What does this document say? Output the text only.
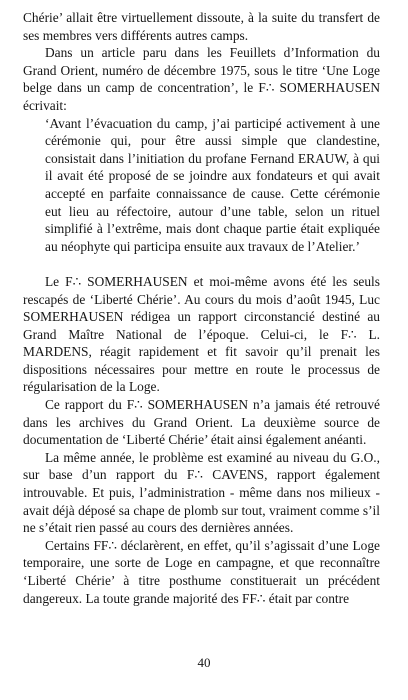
Chérie’ allait être virtuellement dissoute, à la suite du transfert de ses membres vers différents autres camps.

Dans un article paru dans les Feuillets d’Information du Grand Orient, numéro de décembre 1975, sous le titre ‘Une Loge belge dans un camp de concentration’, le F∴ SOMERHAUSEN écrivait:

‘Avant l’évacuation du camp, j’ai participé activement à une cérémonie qui, pour être aussi simple que clandestine, consistait dans l’initiation du profane Fernand ERAUW, à qui il avait été proposé de se joindre aux fondateurs et qui avait accepté en parfaite connaissance de cause. Cette cérémonie eut lieu au réfectoire, autour d’une table, selon un rituel simplifié à l’extrême, mais dont chaque partie était expliquée au néophyte qui participa ensuite aux travaux de l’Atelier.’

Le F∴ SOMERHAUSEN et moi-même avons été les seuls rescapés de ‘Liberté Chérie’. Au cours du mois d’août 1945, Luc SOMERHAUSEN rédigea un rapport circonstancié destiné au Grand Maître National de l’époque. Celui-ci, le F∴ L. MARDENS, réagit rapidement et fit savoir qu’il prenait les dispositions nécessaires pour mettre en route le processus de régularisation de la Loge.

Ce rapport du F∴ SOMERHAUSEN n’a jamais été retrouvé dans les archives du Grand Orient. La deuxième source de documentation de ‘Liberté Chérie’ était ainsi également anéanti.

La même année, le problème est examiné au niveau du G.O., sur base d’un rapport du F∴ CAVENS, rapport également introuvable. Et puis, l’administration - même dans nos milieux - avait déjà déposé sa chape de plomb sur tout, vraiment comme s’il ne s’était rien passé au cours des dernières années.

Certains FF∴ déclarèrent, en effet, qu’il s’agissait d’une Loge temporaire, une sorte de Loge en campagne, et que reconnaître ‘Liberté Chérie’ à titre posthume constituerait un précédent dangereux. La toute grande majorité des FF∴ était par contre

40
